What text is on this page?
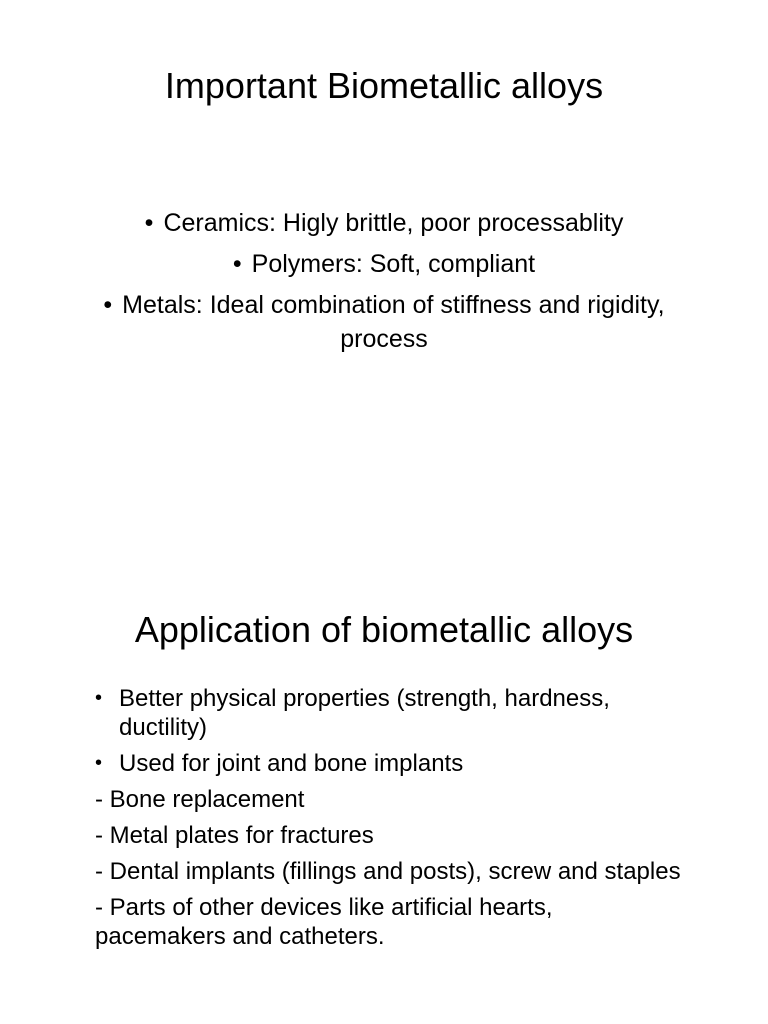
Important Biometallic alloys
• Ceramics: Higly brittle, poor processablity
• Polymers: Soft, compliant
• Metals: Ideal combination of stiffness and rigidity, process
Application of biometallic alloys
• Better physical properties (strength, hardness, ductility)
• Used for joint and bone implants
- Bone replacement
- Metal plates for fractures
- Dental implants (fillings and posts), screw and staples
- Parts of other devices like artificial hearts, pacemakers and catheters.
